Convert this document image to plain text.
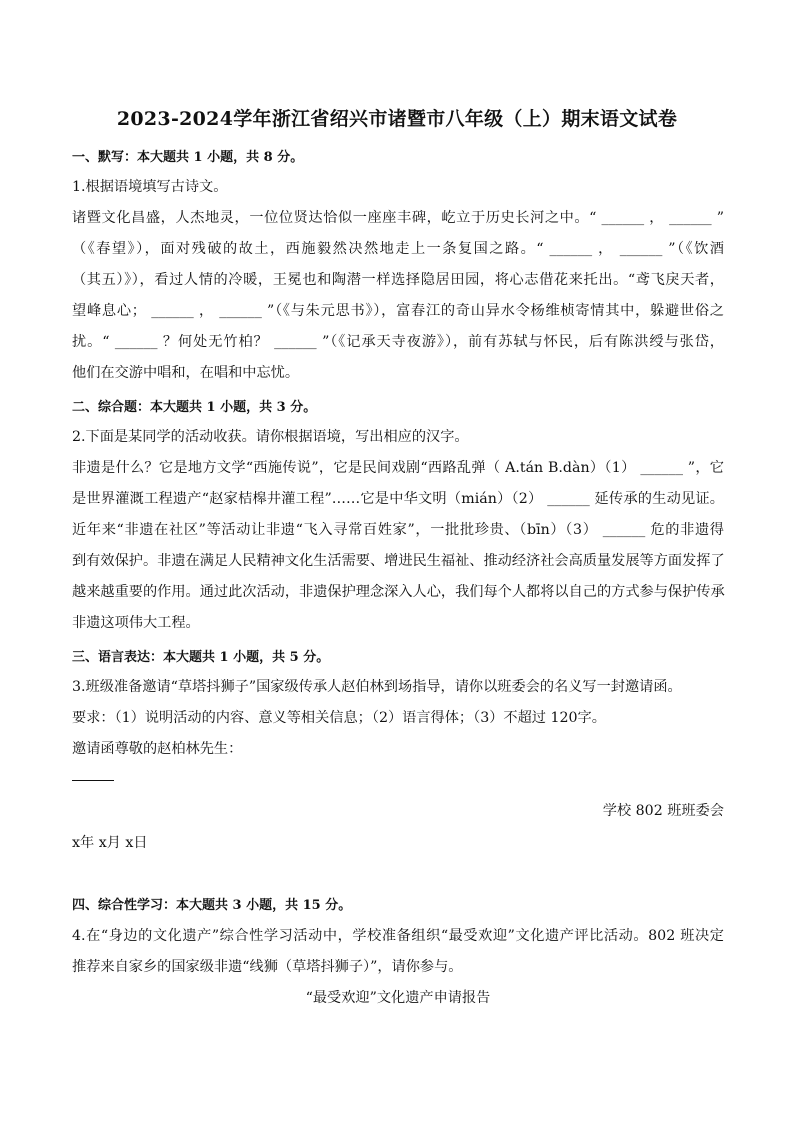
2023-2024学年浙江省绍兴市诸暨市八年级（上）期末语文试卷
一、默写：本大题共 1 小题，共 8 分。
1.根据语境填写古诗文。
诸暨文化昌盛，人杰地灵，一位位贤达恰似一座座丰碑，屹立于历史长河之中。“ ______ ， ______ ”
（《春望》），面对残破的故土，西施毅然决然地走上一条复国之路。“ ______ ， ______ ”（《饮酒
（其五）》），看过人情的冷暖，王冕也和陶潜一样选择隐居田园，将心志借花来托出。“鸢飞戾天者，
望峰息心； ______ ， ______ ”（《与朱元思书》），富春江的奇山异水令杨维桢寄情其中，躲避世俗之
扰。“ ______ ？何处无竹柏？ ______ ”（《记承天寺夜游》），前有苏轼与怀民，后有陈洪绶与张岱，
他们在交游中唱和，在唱和中忘忧。
二、综合题：本大题共 1 小题，共 3 分。
2.下面是某同学的活动收获。请你根据语境，写出相应的汉字。
非遗是什么？它是地方文学“西施传说”，它是民间戏剧“西路乱弹（ A.tán B.dàn）（1） ______ ”，它
是世界灌溉工程遗产“赵家桔槔井灌工程”……它是中华文明（mián）（2） ______ 延传承的生动见证。
近年来“非遗在社区”等活动让非遗“飞入寻常百姓家”，一批批珍贵、（bīn）（3） ______ 危的非遗得
到有效保护。非遗在满足人民精神文化生活需要、增进民生福祉、推动经济社会高质量发展等方面发挥了
越来越重要的作用。通过此次活动，非遗保护理念深入人心，我们每个人都将以自己的方式参与保护传承
非遗这项伟大工程。
三、语言表达：本大题共 1 小题，共 5 分。
3.班级准备邀请“草塔抖狮子”国家级传承人赵伯林到场指导，请你以班委会的名义写一封邀请函。
要求：（1）说明活动的内容、意义等相关信息；（2）语言得体；（3）不超过 120字。
邀请函尊敬的赵柏林先生：
学校 802 班班委会
x年 x月 x日
四、综合性学习：本大题共 3 小题，共 15 分。
4.在“身边的文化遗产”综合性学习活动中，学校准备组织“最受欢迎”文化遗产评比活动。802 班决定
推荐来自家乡的国家级非遗“线狮（草塔抖狮子）”，请你参与。
“最受欢迎”文化遗产申请报告
